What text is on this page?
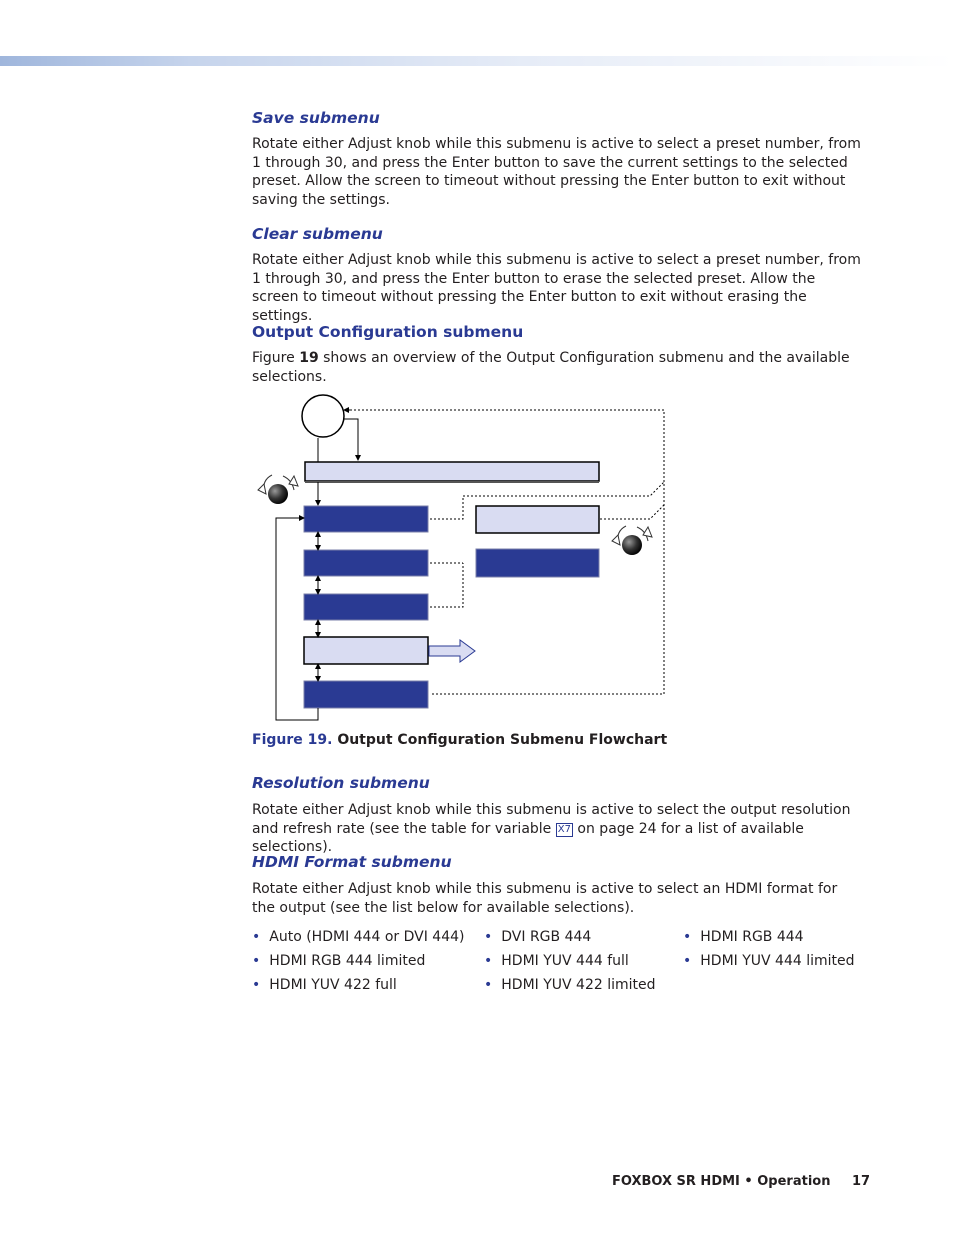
Save submenu

Rotate either Adjust knob while this submenu is active to select a preset number, from 1 through 30, and press the Enter button to save the current settings to the selected preset. Allow the screen to timeout without pressing the Enter button to exit without saving the settings.

Clear submenu

Rotate either Adjust knob while this submenu is active to select a preset number, from 1 through 30, and press the Enter button to erase the selected preset. Allow the screen to timeout without pressing the Enter button to exit without erasing the settings.

Output Configuration submenu

Figure 19 shows an overview of the Output Configuration submenu and the available selections.

Figure 19. Output Configuration Submenu Flowchart
Resolution submenu

Rotate either Adjust knob while this submenu is active to select the output resolution and refresh rate (see the table for variable X7 on page 24 for a list of available selections).

HDMI Format submenu

Rotate either Adjust knob while this submenu is active to select an HDMI format for the output (see the list below for available selections).

• Auto (HDMI 444 or DVI 444) • DVI RGB 444	• HDMI RGB 444
• HDMI RGB 444 limited	• HDMI YUV 444 full	• HDMI YUV 444 limited
• HDMI YUV 422 full	• HDMI YUV 422 limited
FOXBOX SR HDMI • Operation 17
